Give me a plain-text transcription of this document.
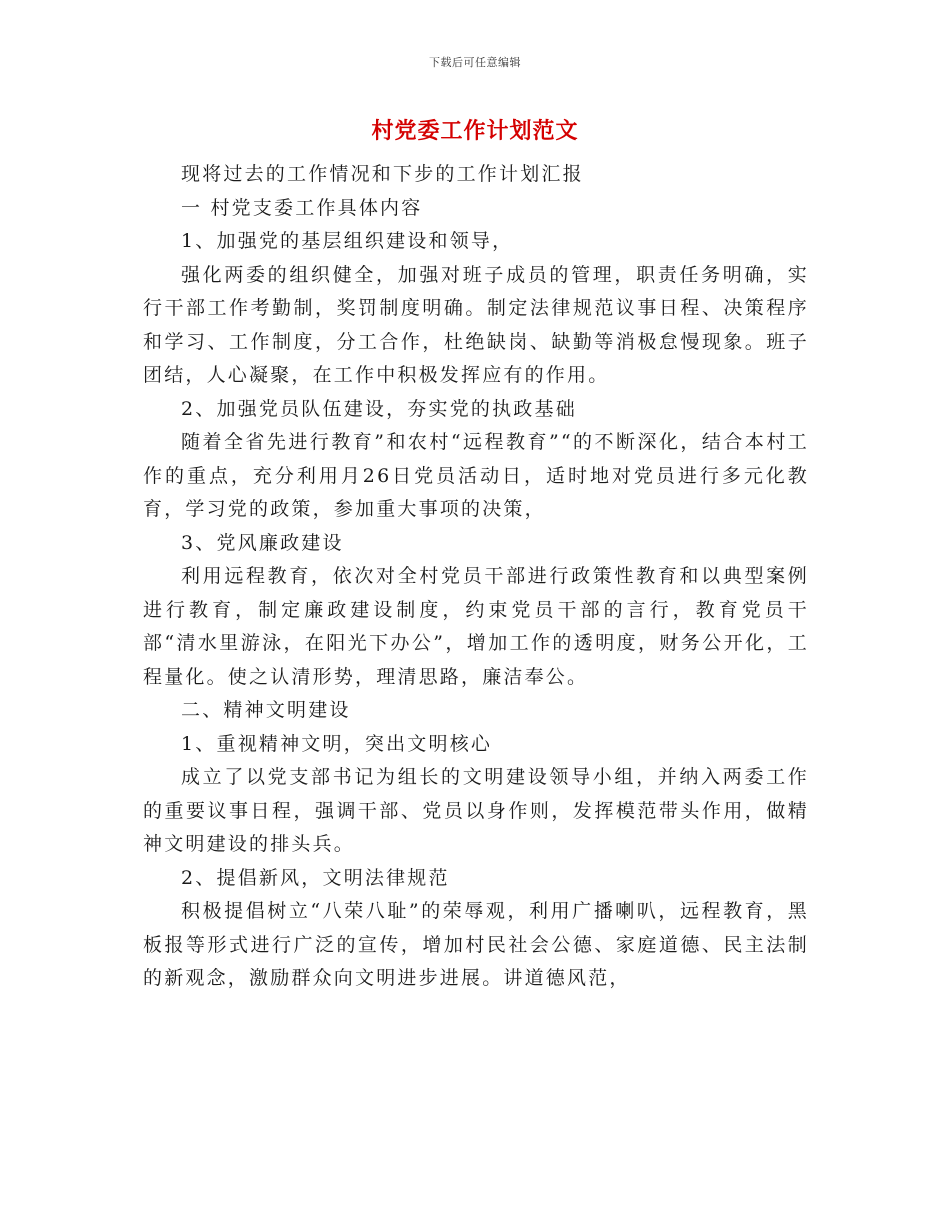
下载后可任意编辑
村党委工作计划范文

现将过去的工作情况和下步的工作计划汇报

一 村党支委工作具体内容

1、加强党的基层组织建设和领导，

强化两委的组织健全，加强对班子成员的管理，职责任务明确，实行干部工作考勤制，奖罚制度明确。制定法律规范议事日程、决策程序和学习、工作制度，分工合作，杜绝缺岗、缺勤等消极怠慢现象。班子团结，人心凝聚，在工作中积极发挥应有的作用。

2、加强党员队伍建设，夯实党的执政基础

随着全省先进行教育”和农村“远程教育”“的不断深化，结合本村工作的重点，充分利用月26日党员活动日，适时地对党员进行多元化教育，学习党的政策，参加重大事项的决策，

3、党风廉政建设

利用远程教育，依次对全村党员干部进行政策性教育和以典型案例进行教育，制定廉政建设制度，约束党员干部的言行，教育党员干部“清水里游泳，在阳光下办公”，增加工作的透明度，财务公开化，工程量化。使之认清形势，理清思路，廉洁奉公。

二、精神文明建设

1、重视精神文明，突出文明核心

成立了以党支部书记为组长的文明建设领导小组，并纳入两委工作的重要议事日程，强调干部、党员以身作则，发挥模范带头作用，做精神文明建设的排头兵。

2、提倡新风，文明法律规范

积极提倡树立“八荣八耻”的荣辱观，利用广播喇叭，远程教育，黑板报等形式进行广泛的宣传，增加村民社会公德、家庭道德、民主法制的新观念，激励群众向文明进步进展。讲道德风范，
